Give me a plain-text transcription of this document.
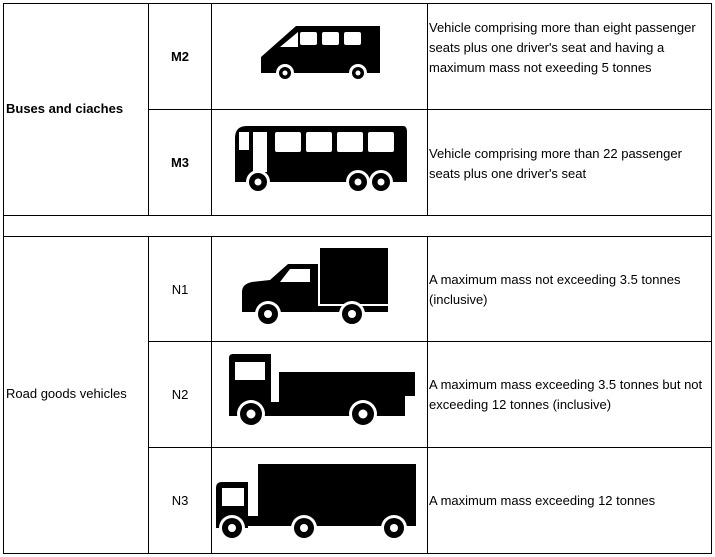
Buses and ciaches
Road goods vehicles
M2
M3
N1
N2
N3
Vehicle comprising more than eight passenger seats plus one driver's seat and having a maximum mass not exeeding 5 tonnes
Vehicle comprising more than 22 passenger seats plus one driver's seat
A maximum mass not exceeding 3.5 tonnes (inclusive)
A maximum mass exceeding 3.5 tonnes but not exceeding 12 tonnes (inclusive)
A maximum mass exceeding 12 tonnes
